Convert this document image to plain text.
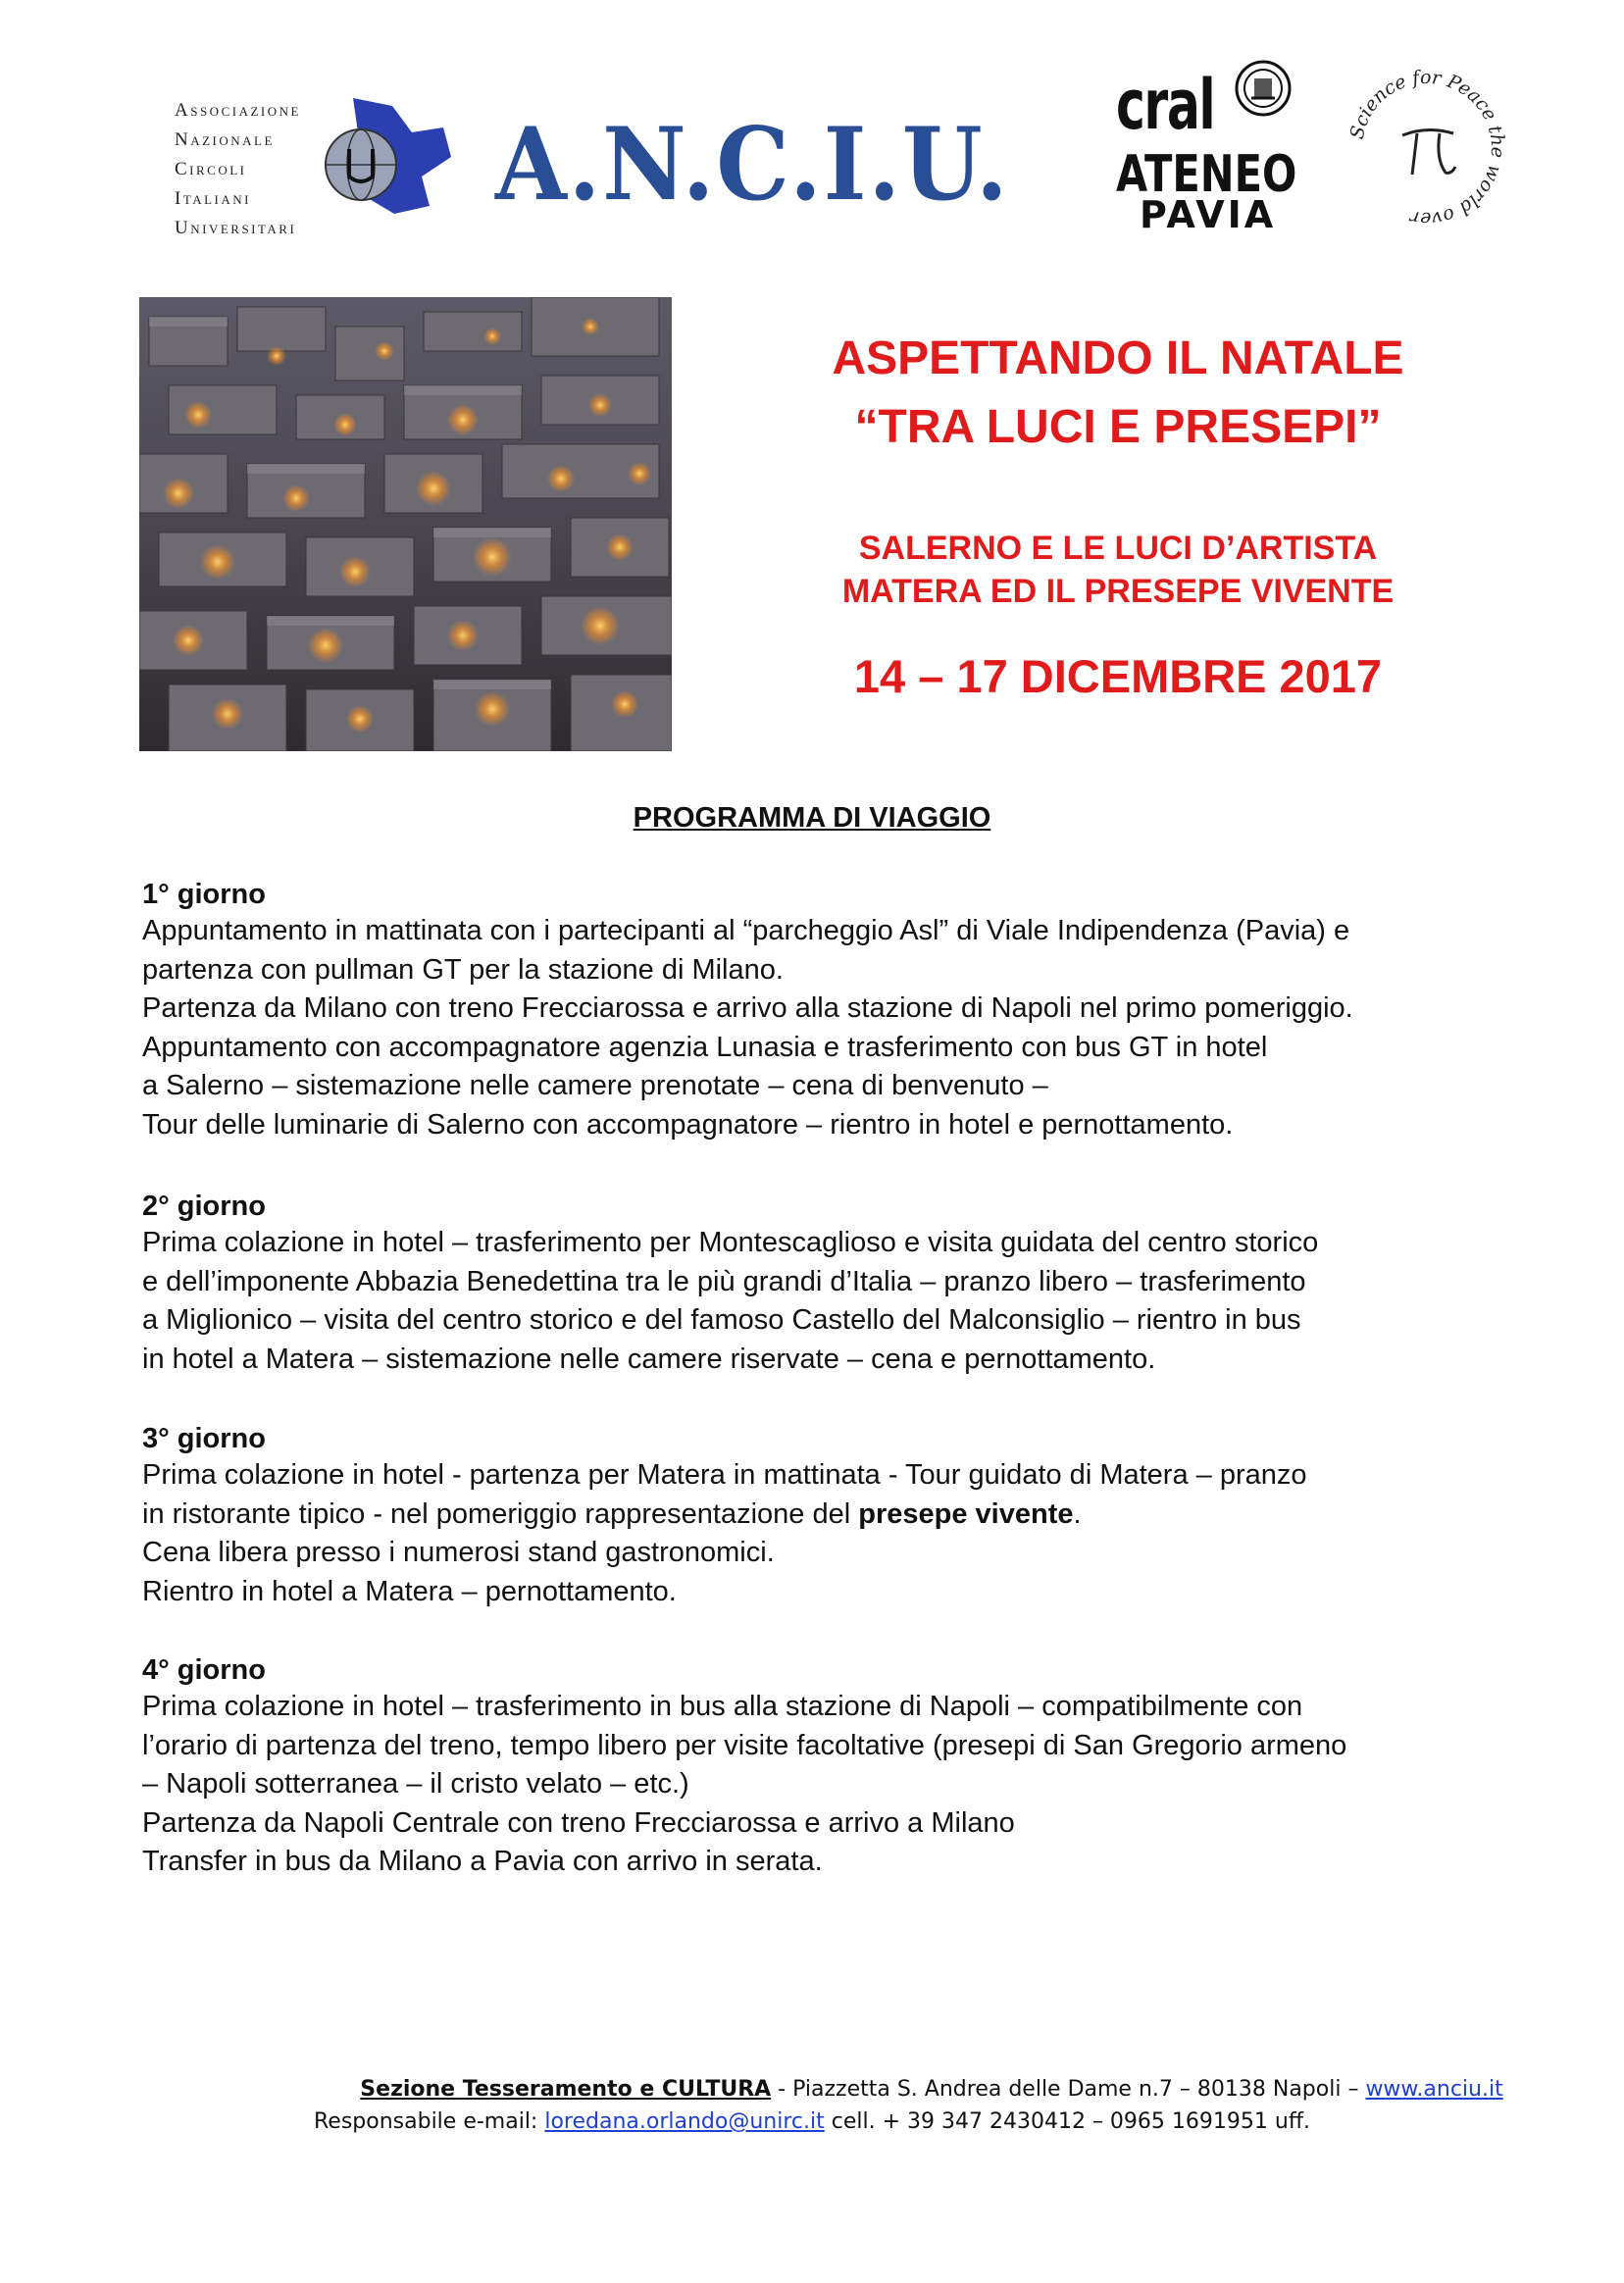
Associazione
Nazionale
Circoli
Italiani
Universitari
A.N.C.I.U.
cral
ATENEO
PAVIA
Science for Peace the world over
ASPETTANDO IL NATALE
“TRA LUCI E PRESEPI”
SALERNO E LE LUCI D’ARTISTA
MATERA ED IL PRESEPE VIVENTE
14 – 17 DICEMBRE 2017
PROGRAMMA DI VIAGGIO
1° giorno
Appuntamento in mattinata con i partecipanti al “parcheggio Asl” di Viale Indipendenza (Pavia) e
partenza con pullman GT per la stazione di Milano.
Partenza da Milano con treno Frecciarossa e arrivo alla stazione di Napoli nel primo pomeriggio.
Appuntamento con accompagnatore agenzia Lunasia e trasferimento con bus GT in hotel
a Salerno – sistemazione nelle camere prenotate – cena di benvenuto –
Tour delle luminarie di Salerno con accompagnatore – rientro in hotel e pernottamento.
2° giorno
Prima colazione in hotel – trasferimento per Montescaglioso e visita guidata del centro storico
e dell’imponente Abbazia Benedettina tra le più grandi d’Italia – pranzo libero – trasferimento
a Miglionico – visita del centro storico e del famoso Castello del Malconsiglio – rientro in bus
in hotel a Matera – sistemazione nelle camere riservate – cena e pernottamento.
3° giorno
Prima colazione in hotel - partenza per Matera in mattinata - Tour guidato di Matera – pranzo
in ristorante tipico - nel pomeriggio rappresentazione del presepe vivente.
Cena libera presso i numerosi stand gastronomici.
Rientro in hotel a Matera – pernottamento.
4° giorno
Prima colazione in hotel – trasferimento in bus alla stazione di Napoli – compatibilmente con
l’orario di partenza del treno, tempo libero per visite facoltative (presepi di San Gregorio armeno
– Napoli sotterranea – il cristo velato – etc.)
Partenza da Napoli Centrale con treno Frecciarossa e arrivo a Milano
Transfer in bus da Milano a Pavia con arrivo in serata.
Sezione Tesseramento e CULTURA - Piazzetta S. Andrea delle Dame n.7 – 80138 Napoli – www.anciu.it
Responsabile e-mail: loredana.orlando@unirc.it cell. + 39 347 2430412 – 0965 1691951 uff.
